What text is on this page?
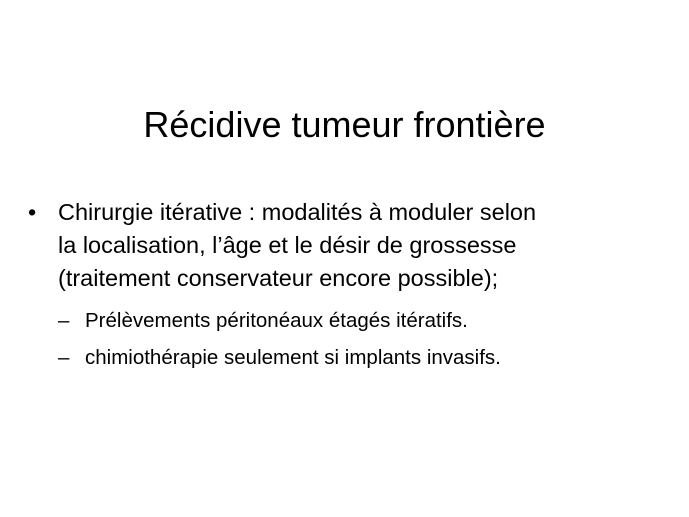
Récidive tumeur frontière
• Chirurgie itérative : modalités à moduler selon
la localisation, l’âge et le désir de grossesse
(traitement conservateur encore possible);
– Prélèvements péritonéaux étagés itératifs.
– chimiothérapie seulement si implants invasifs.
